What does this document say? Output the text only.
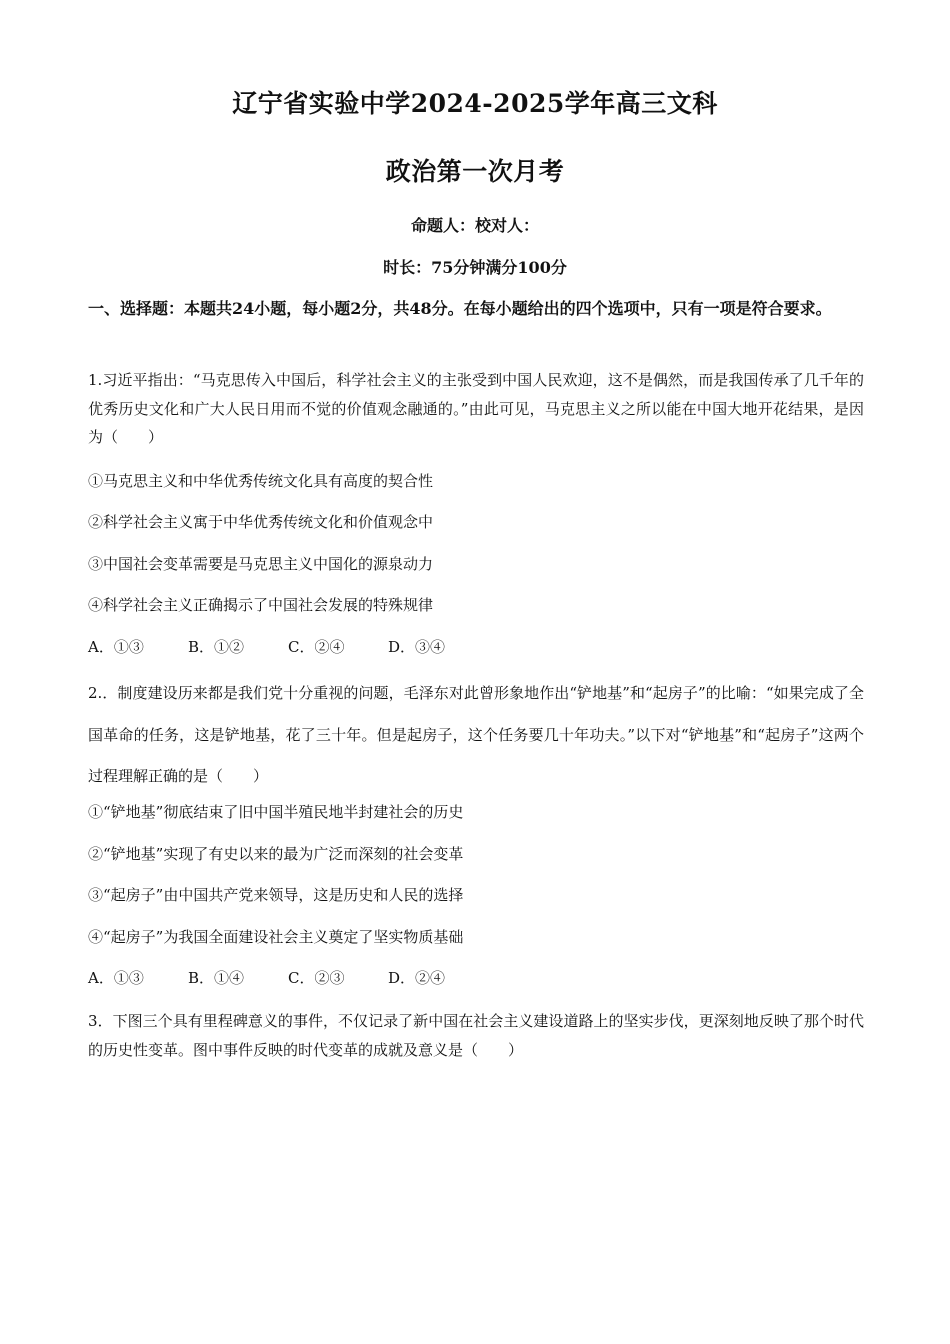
辽宁省实验中学2024-2025学年高三文科
政治第一次月考
命题人：校对人：
时长：75分钟满分100分
一、选择题：本题共24小题，每小题2分，共48分。在每小题给出的四个选项中，只有一项是符合要求。
1.习近平指出：“马克思传入中国后，科学社会主义的主张受到中国人民欢迎，这不是偶然，而是我国传承了几千年的优秀历史文化和广大人民日用而不觉的价值观念融通的。”由此可见，马克思主义之所以能在中国大地开花结果，是因为（　　）
①马克思主义和中华优秀传统文化具有高度的契合性
②科学社会主义寓于中华优秀传统文化和价值观念中
③中国社会变革需要是马克思主义中国化的源泉动力
④科学社会主义正确揭示了中国社会发展的特殊规律
A．①③	B．①②	C．②④	D．③④
2.．制度建设历来都是我们党十分重视的问题，毛泽东对此曾形象地作出“铲地基”和“起房子”的比喻：“如果完成了全国革命的任务，这是铲地基，花了三十年。但是起房子，这个任务要几十年功夫。”以下对“铲地基”和“起房子”这两个过程理解正确的是（　　）
①“铲地基”彻底结束了旧中国半殖民地半封建社会的历史
②“铲地基”实现了有史以来的最为广泛而深刻的社会变革
③“起房子”由中国共产党来领导，这是历史和人民的选择
④“起房子”为我国全面建设社会主义奠定了坚实物质基础
A．①③	B．①④	C．②③	D．②④
3．下图三个具有里程碑意义的事件，不仅记录了新中国在社会主义建设道路上的坚实步伐，更深刻地反映了那个时代的历史性变革。图中事件反映的时代变革的成就及意义是（　　）
